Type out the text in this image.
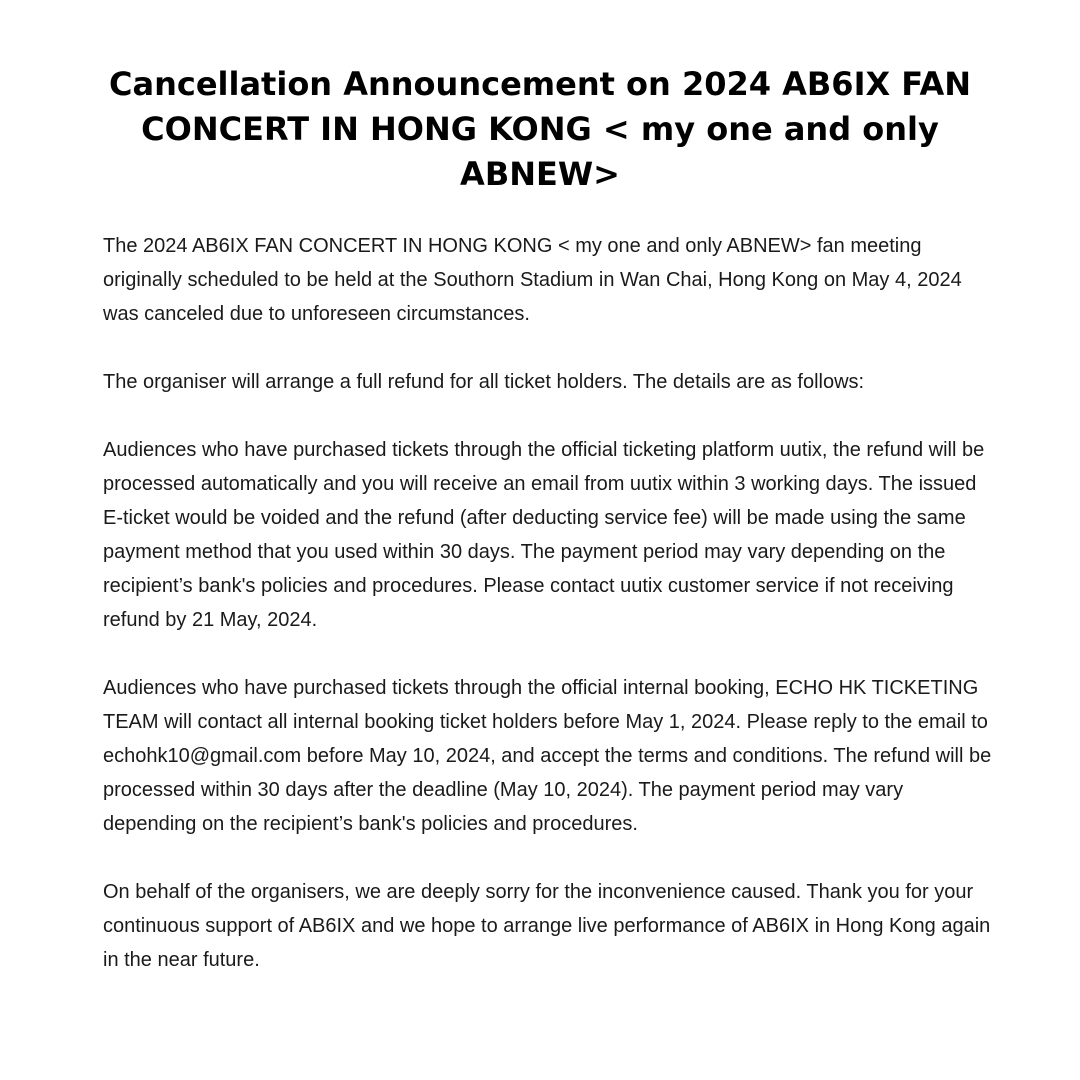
Cancellation Announcement on 2024 AB6IX FAN CONCERT IN HONG KONG < my one and only ABNEW>

The 2024 AB6IX FAN CONCERT IN HONG KONG < my one and only ABNEW> fan meeting originally scheduled to be held at the Southorn Stadium in Wan Chai, Hong Kong on May 4, 2024 was canceled due to unforeseen circumstances.

The organiser will arrange a full refund for all ticket holders. The details are as follows:

Audiences who have purchased tickets through the official ticketing platform uutix, the refund will be processed automatically and you will receive an email from uutix within 3 working days. The issued E-ticket would be voided and the refund (after deducting service fee) will be made using the same payment method that you used within 30 days. The payment period may vary depending on the recipient’s bank's policies and procedures. Please contact uutix customer service if not receiving refund by 21 May, 2024.

Audiences who have purchased tickets through the official internal booking, ECHO HK TICKETING TEAM will contact all internal booking ticket holders before May 1, 2024. Please reply to the email to echohk10@gmail.com before May 10, 2024, and accept the terms and conditions. The refund will be processed within 30 days after the deadline (May 10, 2024). The payment period may vary depending on the recipient’s bank's policies and procedures.

On behalf of the organisers, we are deeply sorry for the inconvenience caused. Thank you for your continuous support of AB6IX and we hope to arrange live performance of AB6IX in Hong Kong again in the near future.
